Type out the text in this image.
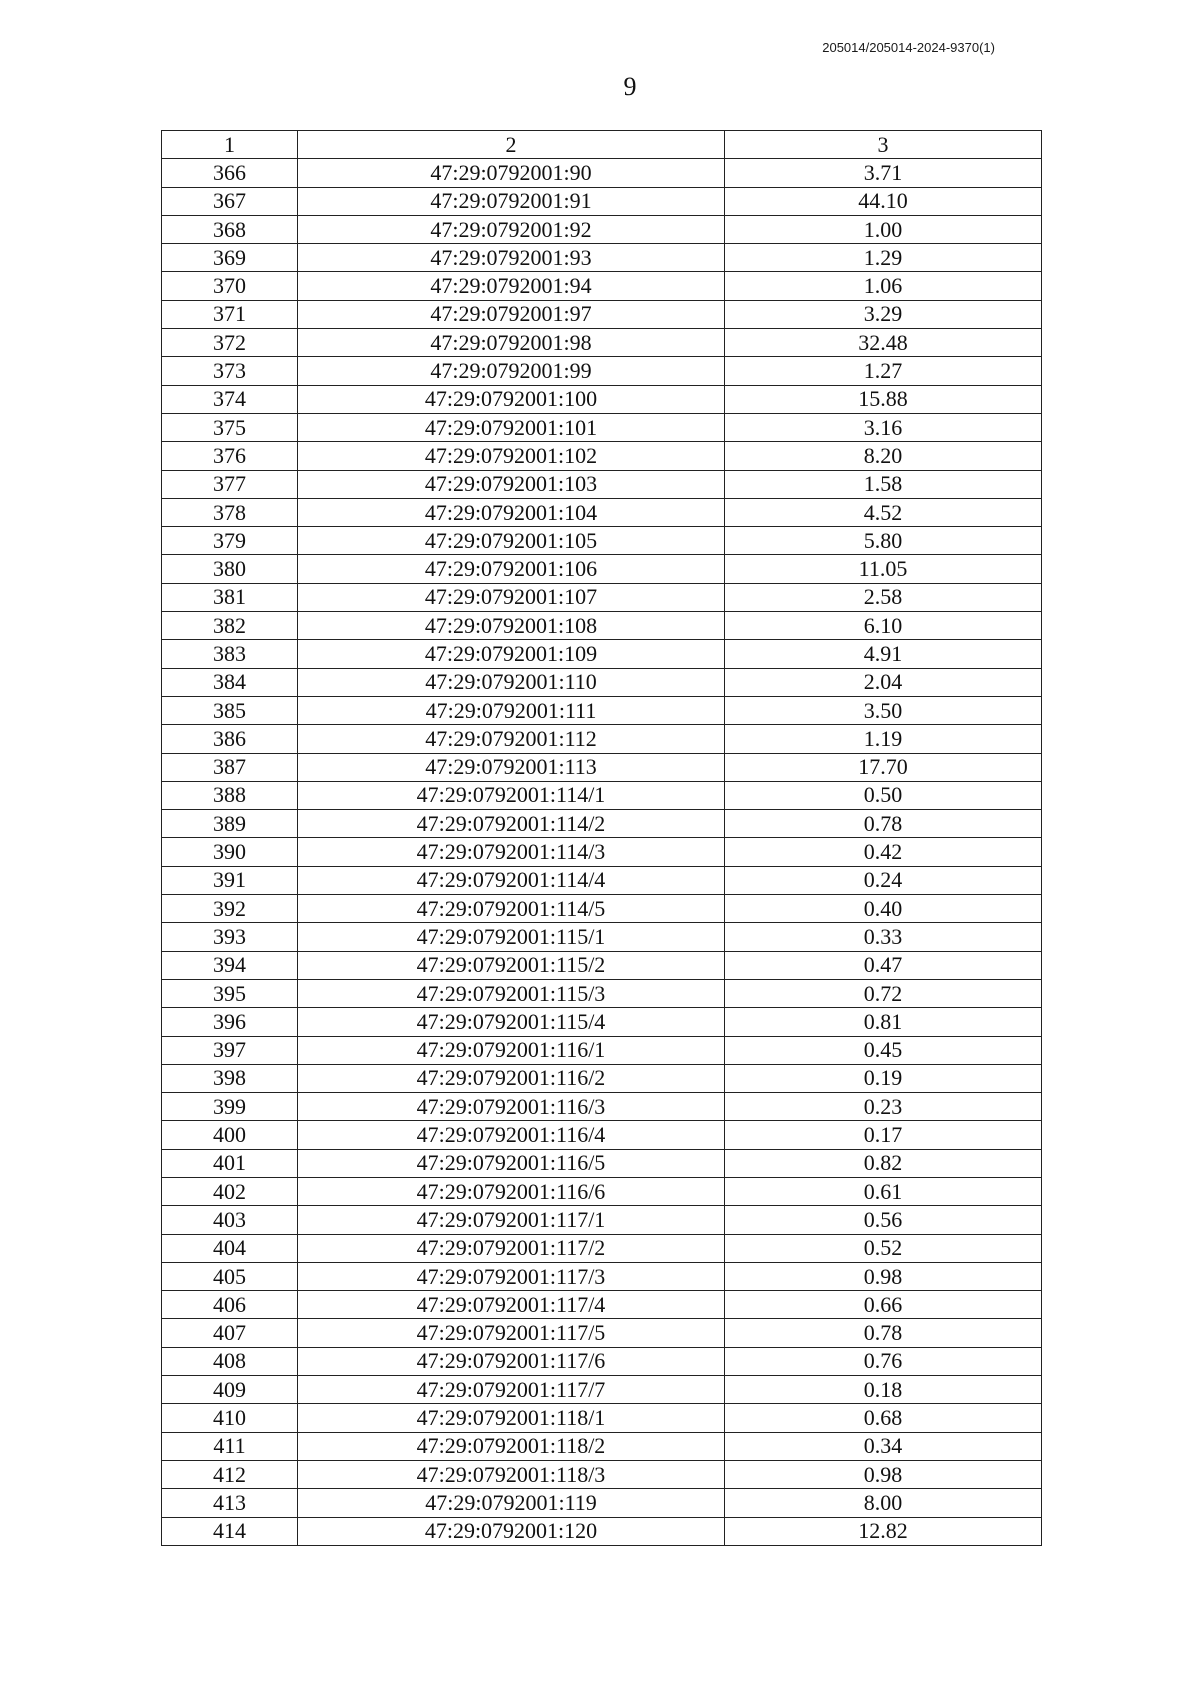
205014/205014-2024-9370(1)
9
1	2	3
366	47:29:0792001:90	3.71
367	47:29:0792001:91	44.10
368	47:29:0792001:92	1.00
369	47:29:0792001:93	1.29
370	47:29:0792001:94	1.06
371	47:29:0792001:97	3.29
372	47:29:0792001:98	32.48
373	47:29:0792001:99	1.27
374	47:29:0792001:100	15.88
375	47:29:0792001:101	3.16
376	47:29:0792001:102	8.20
377	47:29:0792001:103	1.58
378	47:29:0792001:104	4.52
379	47:29:0792001:105	5.80
380	47:29:0792001:106	11.05
381	47:29:0792001:107	2.58
382	47:29:0792001:108	6.10
383	47:29:0792001:109	4.91
384	47:29:0792001:110	2.04
385	47:29:0792001:111	3.50
386	47:29:0792001:112	1.19
387	47:29:0792001:113	17.70
388	47:29:0792001:114/1	0.50
389	47:29:0792001:114/2	0.78
390	47:29:0792001:114/3	0.42
391	47:29:0792001:114/4	0.24
392	47:29:0792001:114/5	0.40
393	47:29:0792001:115/1	0.33
394	47:29:0792001:115/2	0.47
395	47:29:0792001:115/3	0.72
396	47:29:0792001:115/4	0.81
397	47:29:0792001:116/1	0.45
398	47:29:0792001:116/2	0.19
399	47:29:0792001:116/3	0.23
400	47:29:0792001:116/4	0.17
401	47:29:0792001:116/5	0.82
402	47:29:0792001:116/6	0.61
403	47:29:0792001:117/1	0.56
404	47:29:0792001:117/2	0.52
405	47:29:0792001:117/3	0.98
406	47:29:0792001:117/4	0.66
407	47:29:0792001:117/5	0.78
408	47:29:0792001:117/6	0.76
409	47:29:0792001:117/7	0.18
410	47:29:0792001:118/1	0.68
411	47:29:0792001:118/2	0.34
412	47:29:0792001:118/3	0.98
413	47:29:0792001:119	8.00
414	47:29:0792001:120	12.82
